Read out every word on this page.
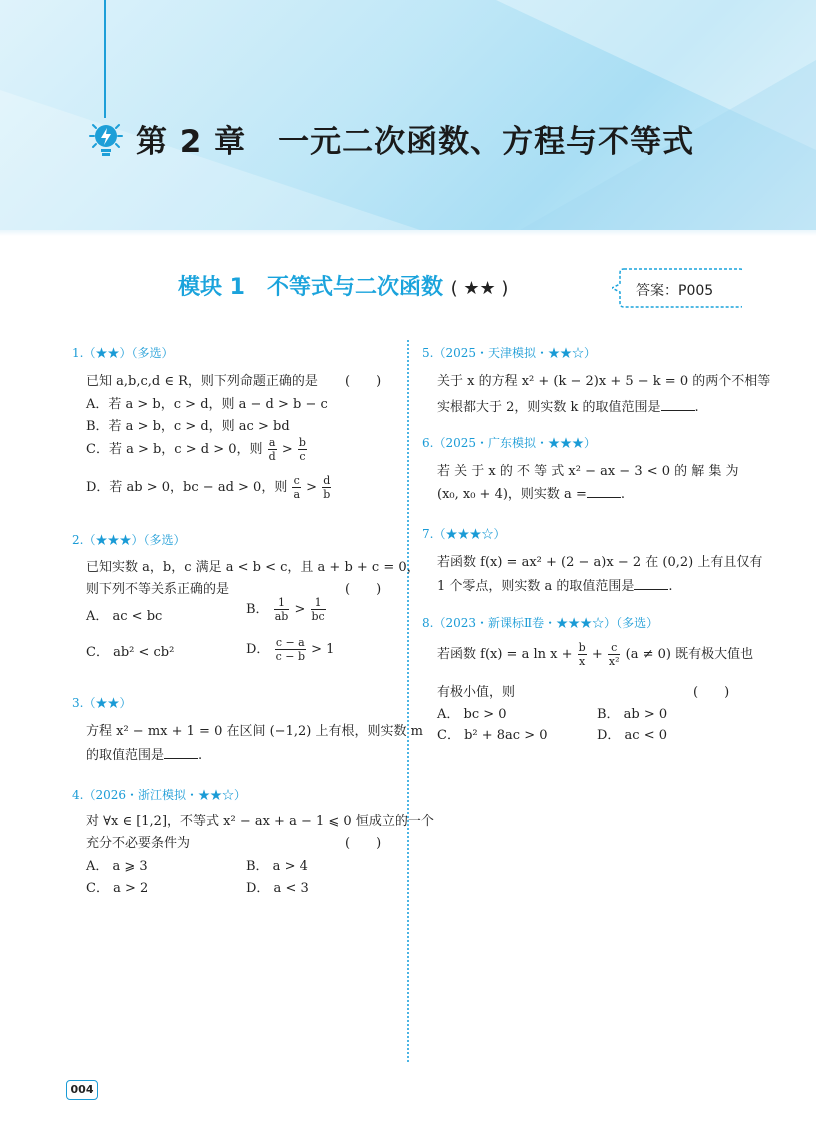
第 2 章　一元二次函数、方程与不等式
模块 1　不等式与二次函数 ( ★★ )	答案：P005
1.（★★）（多选）
已知 a,b,c,d ∈ R，则下列命题正确的是 (　　)
A．若 a > b，c > d，则 a − d > b − c
B．若 a > b，c > d，则 ac > bd
C．若 a > b，c > d > 0，则 $\frac{a}{d} > \frac{b}{c}$
D．若 ab > 0，bc − ad > 0，则 $\frac{c}{a} > \frac{d}{b}$
2.（★★★）（多选）
已知实数 a，b，c 满足 a < b < c，且 a + b + c = 0，
则下列不等关系正确的是	(　　)
A． ac < bc	B． $\frac{1}{ab} > \frac{1}{bc}$
C． ab² < cb²	D． $\frac{c - a}{c - b} > 1$
3.（★★）
方程 x² − mx + 1 = 0 在区间 (−1,2) 上有根，则实数 m
的取值范围是	.
4.（2026・浙江模拟・★★☆）
对 ∀x ∈ [1,2]，不等式 x² − ax + a − 1 ⩽ 0 恒成立的一个
充分不必要条件为	(　　)
A． a ⩾ 3	B． a > 4
C． a > 2	D． a < 3
5.（2025・天津模拟・★★☆）
关于 x 的方程 x² + (k − 2)x + 5 − k = 0 的两个不相等
实根都大于 2，则实数 k 的取值范围是	.
6.（2025・广东模拟・★★★）
若 关 于 x 的 不 等 式 x² − ax − 3 < 0 的 解 集 为
(x₀, x₀ + 4)，则实数 a =	.
7.（★★★☆）
若函数 f(x) = ax² + (2 − a)x − 2 在 (0,2) 上有且仅有
1 个零点，则实数 a 的取值范围是	.
8.（2023・新课标Ⅱ卷・★★★☆）（多选）
若函数 f(x) = a $\ln x + \frac{b}{x} + \frac{c}{\text{x²}} (a \ne 0)$ 既有极大值也
有极小值，则	(　　)
A． bc > 0	B． ab > 0
C． b² + 8ac > 0	D． ac < 0
004
